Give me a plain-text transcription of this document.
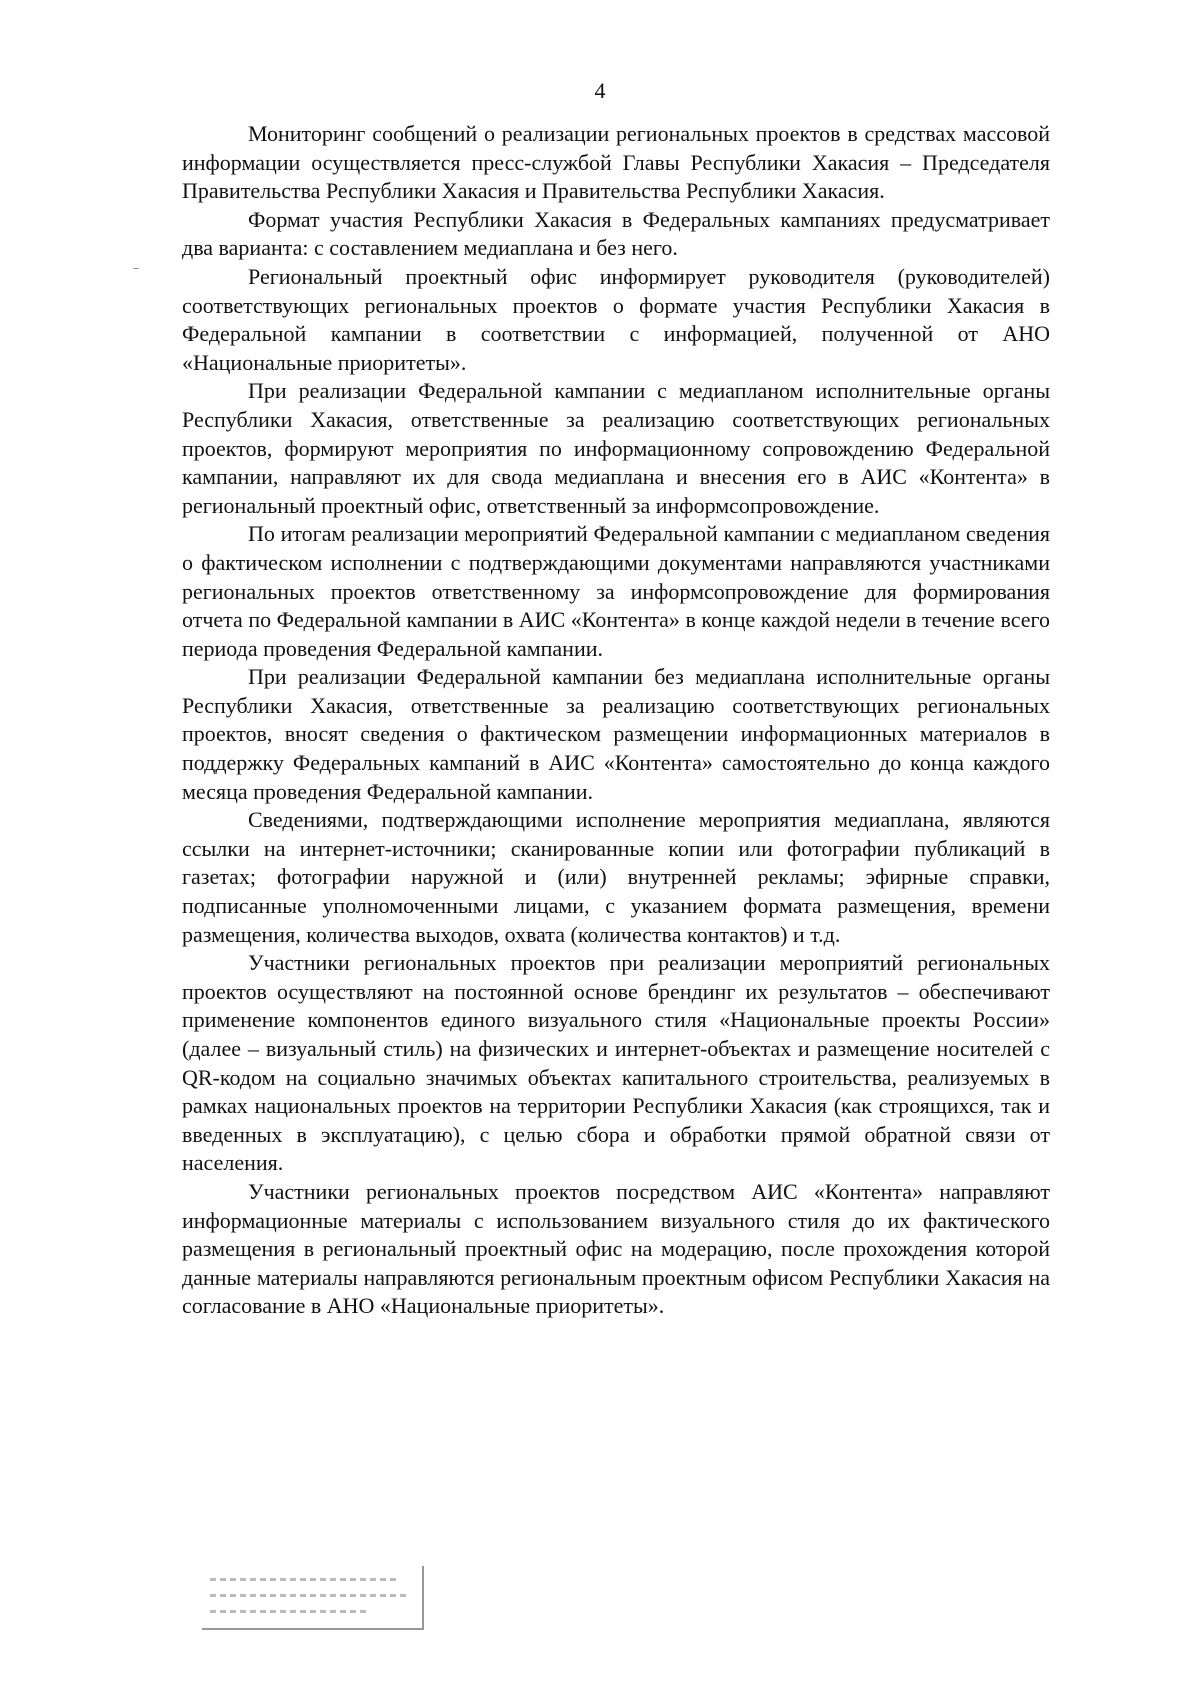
4

Мониторинг сообщений о реализации региональных проектов в средствах массовой информации осуществляется пресс-службой Главы Республики Хакасия – Председателя Правительства Республики Хакасия и Правительства Республики Хакасия.

Формат участия Республики Хакасия в Федеральных кампаниях предусматривает два варианта: с составлением медиаплана и без него.

Региональный проектный офис информирует руководителя (руководителей) соответствующих региональных проектов о формате участия Республики Хакасия в Федеральной кампании в соответствии с информацией, полученной от АНО «Национальные приоритеты».

При реализации Федеральной кампании с медиапланом исполнительные органы Республики Хакасия, ответственные за реализацию соответствующих региональных проектов, формируют мероприятия по информационному сопровождению Федеральной кампании, направляют их для свода медиаплана и внесения его в АИС «Контента» в региональный проектный офис, ответственный за информсопровождение.

По итогам реализации мероприятий Федеральной кампании с медиапланом сведения о фактическом исполнении с подтверждающими документами направляются участниками региональных проектов ответственному за информсопровождение для формирования отчета по Федеральной кампании в АИС «Контента» в конце каждой недели в течение всего периода проведения Федеральной кампании.

При реализации Федеральной кампании без медиаплана исполнительные органы Республики Хакасия, ответственные за реализацию соответствующих региональных проектов, вносят сведения о фактическом размещении информационных материалов в поддержку Федеральных кампаний в АИС «Контента» самостоятельно до конца каждого месяца проведения Федеральной кампании.

Сведениями, подтверждающими исполнение мероприятия медиаплана, являются ссылки на интернет-источники; сканированные копии или фотографии публикаций в газетах; фотографии наружной и (или) внутренней рекламы; эфирные справки, подписанные уполномоченными лицами, с указанием формата размещения, времени размещения, количества выходов, охвата (количества контактов) и т.д.

Участники региональных проектов при реализации мероприятий региональных проектов осуществляют на постоянной основе брендинг их результатов – обеспечивают применение компонентов единого визуального стиля «Национальные проекты России» (далее – визуальный стиль) на физических и интернет-объектах и размещение носителей с QR-кодом на социально значимых объектах капитального строительства, реализуемых в рамках национальных проектов на территории Республики Хакасия (как строящихся, так и введенных в эксплуатацию), с целью сбора и обработки прямой обратной связи от населения.

Участники региональных проектов посредством АИС «Контента» направляют информационные материалы с использованием визуального стиля до их фактического размещения в региональный проектный офис на модерацию, после прохождения которой данные материалы направляются региональным проектным офисом Республики Хакасия на согласование в АНО «Национальные приоритеты».
